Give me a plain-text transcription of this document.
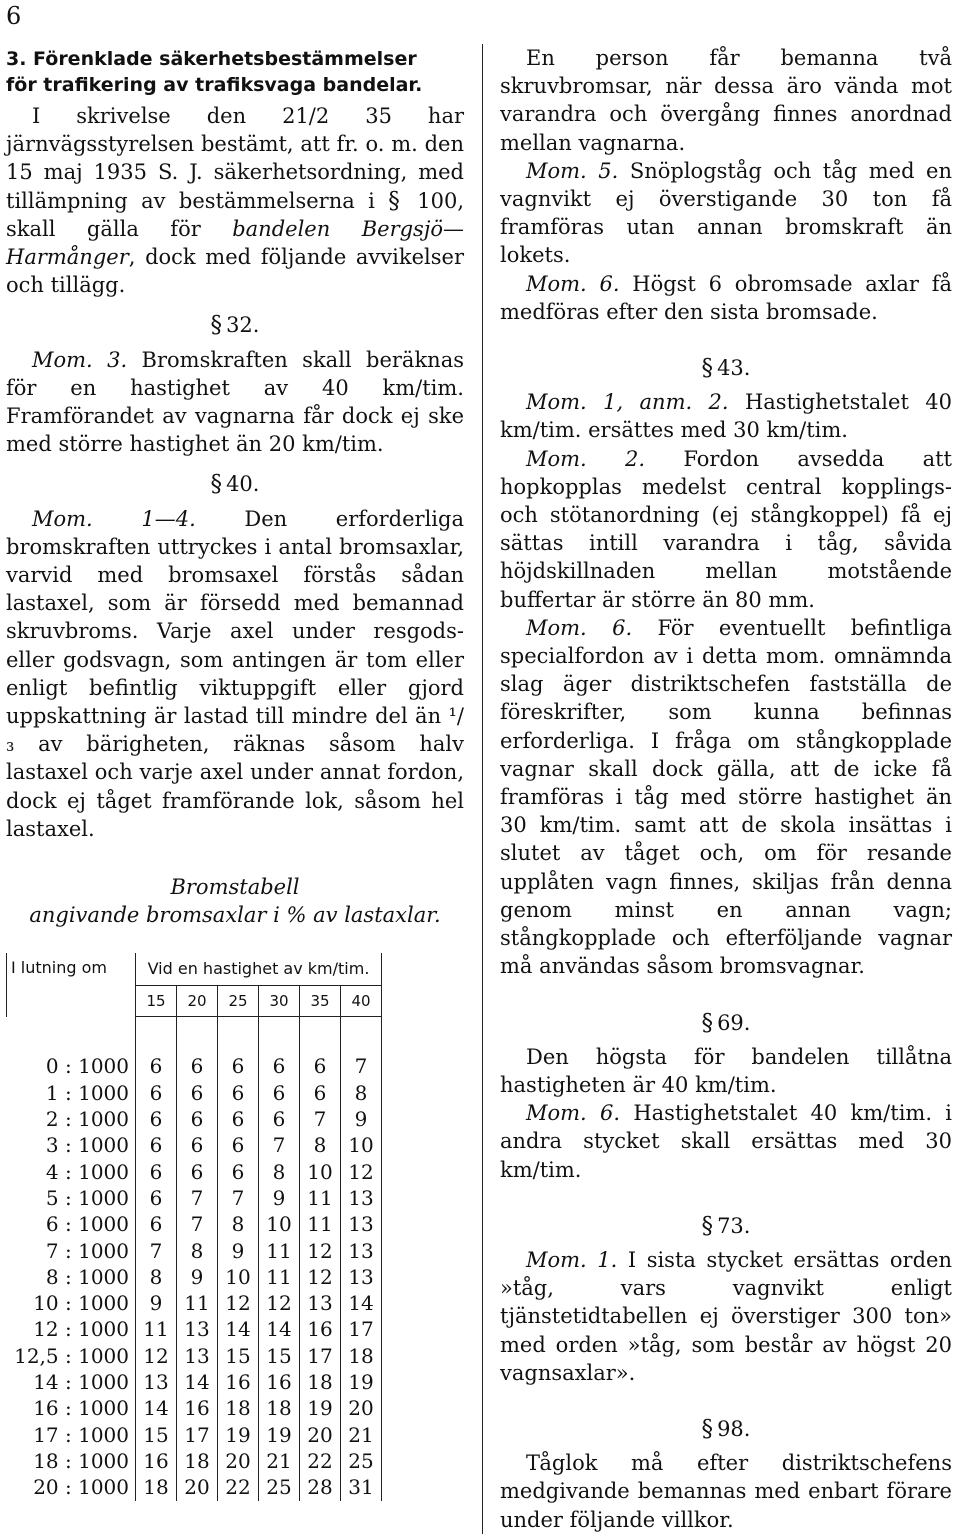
6
3. Förenklade säkerhetsbestämmelser
för trafikering av trafiksvaga bandelar.

I skrivelse den 21/2 35 har järnvägsstyrelsen bestämt, att fr. o. m. den 15 maj 1935 S. J. säkerhetsordning, med tillämpning av bestämmelserna i § 100, skall gälla för bandelen Bergsjö—Harmånger, dock med följande avvikelser och tillägg.

§ 32.

Mom. 3. Bromskraften skall beräknas för en hastighet av 40 km/tim. Framförandet av vagnarna får dock ej ske med större hastighet än 20 km/tim.

§ 40.

Mom. 1—4. Den erforderliga bromskraften uttryckes i antal bromsaxlar, varvid med bromsaxel förstås sådan lastaxel, som är försedd med bemannad skruvbroms. Varje axel under resgods- eller godsvagn, som antingen är tom eller enligt befintlig viktuppgift eller gjord uppskattning är lastad till mindre del än ¹/₃ av bärigheten, räknas såsom halv lastaxel och varje axel under annat fordon, dock ej tåget framförande lok, såsom hel lastaxel.

Bromstabell
angivande bromsaxlar i % av lastaxlar.
I lutning om	Vid en hastighet av km/tim.					
	15	20	25	30	35	40

0 : 1000	6	6	6	6	6	7
1 : 1000	6	6	6	6	6	8
2 : 1000	6	6	6	6	7	9
3 : 1000	6	6	6	7	8	10
4 : 1000	6	6	6	8	10	12
5 : 1000	6	7	7	9	11	13
6 : 1000	6	7	8	10	11	13
7 : 1000	7	8	9	11	12	13
8 : 1000	8	9	10	11	12	13
10 : 1000	9	11	12	12	13	14
12 : 1000	11	13	14	14	16	17
12,5 : 1000	12	13	15	15	17	18
14 : 1000	13	14	16	16	18	19
16 : 1000	14	16	18	18	19	20
17 : 1000	15	17	19	19	20	21
18 : 1000	16	18	20	21	22	25
20 : 1000	18	20	22	25	28	31

En person får bemanna två skruvbromsar, när dessa äro vända mot varandra och övergång finnes anordnad mellan vagnarna.

Mom. 5. Snöplogståg och tåg med en vagnvikt ej överstigande 30 ton få framföras utan annan bromskraft än lokets.

Mom. 6. Högst 6 obromsade axlar få medföras efter den sista bromsade.

§ 43.

Mom. 1, anm. 2. Hastighetstalet 40 km/tim. ersättes med 30 km/tim.

Mom. 2. Fordon avsedda att hopkopplas medelst central kopplings- och stötanordning (ej stångkoppel) få ej sättas intill varandra i tåg, såvida höjdskillnaden mellan motstående buffertar är större än 80 mm.

Mom. 6. För eventuellt befintliga specialfordon av i detta mom. omnämnda slag äger distriktschefen fastställa de föreskrifter, som kunna befinnas erforderliga. I fråga om stångkopplade vagnar skall dock gälla, att de icke få framföras i tåg med större hastighet än 30 km/tim. samt att de skola insättas i slutet av tåget och, om för resande upplåten vagn finnes, skiljas från denna genom minst en annan vagn; stångkopplade och efterföljande vagnar må användas såsom bromsvagnar.

§ 69.

Den högsta för bandelen tillåtna hastigheten är 40 km/tim.

Mom. 6. Hastighetstalet 40 km/tim. i andra stycket skall ersättas med 30 km/tim.

§ 73.

Mom. 1. I sista stycket ersättas orden »tåg, vars vagnvikt enligt tjänstetidtabellen ej överstiger 300 ton» med orden »tåg, som består av högst 20 vagnsaxlar».

§ 98.

Tåglok må efter distriktschefens medgivande bemannas med enbart förare under följande villkor.
